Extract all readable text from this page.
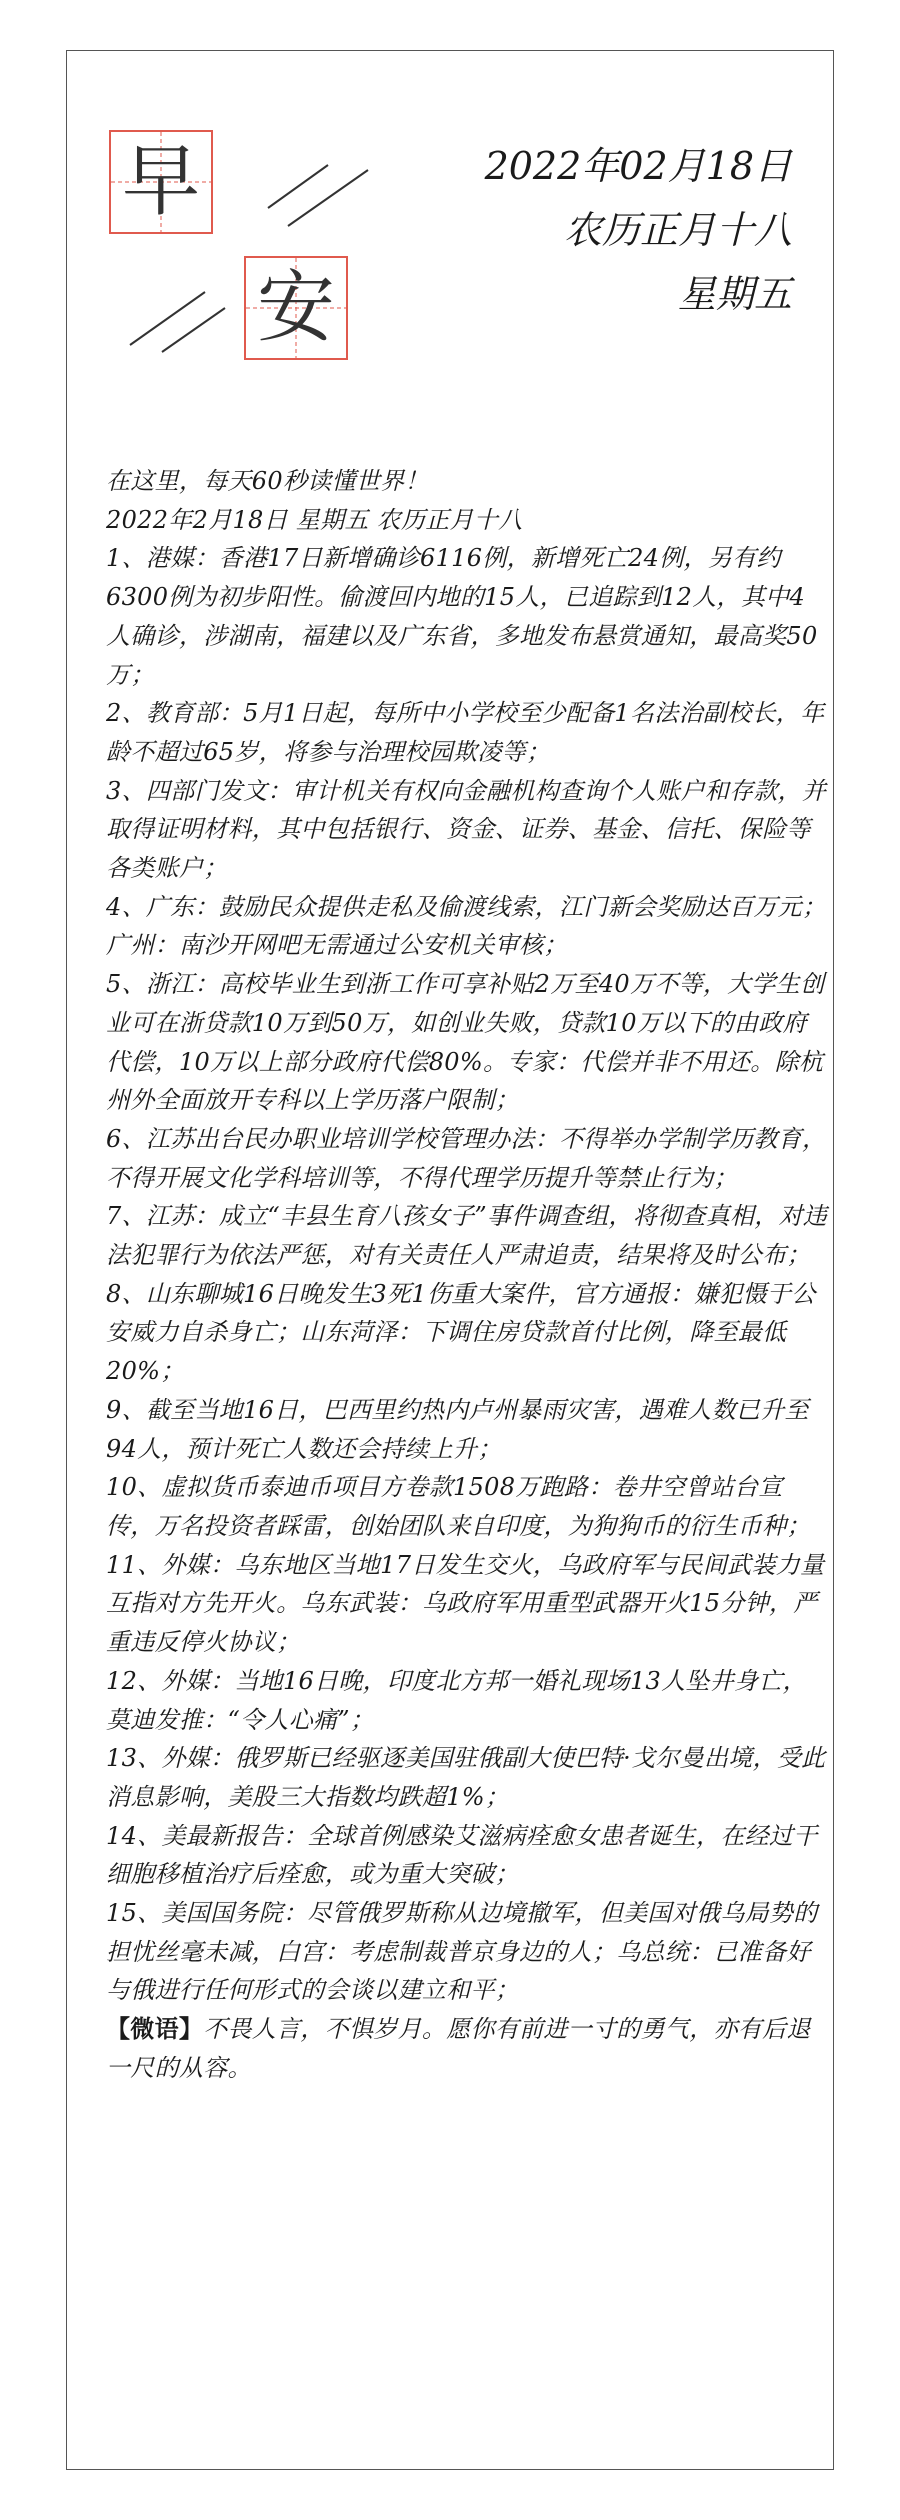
早
安
2022年02月18日
农历正月十八
星期五

在这里，每天60秒读懂世界！

2022年2月18日 星期五 农历正月十八

1、港媒：香港17日新增确诊6116例，新增死亡24例，另有约6300例为初步阳性。偷渡回内地的15人，已追踪到12人，其中4人确诊，涉湖南，福建以及广东省，多地发布悬赏通知，最高奖50万；

2、教育部：5月1日起，每所中小学校至少配备1名法治副校长，年龄不超过65岁，将参与治理校园欺凌等；

3、四部门发文：审计机关有权向金融机构查询个人账户和存款，并取得证明材料，其中包括银行、资金、证券、基金、信托、保险等各类账户；

4、广东：鼓励民众提供走私及偷渡线索，江门新会奖励达百万元；广州：南沙开网吧无需通过公安机关审核；

5、浙江：高校毕业生到浙工作可享补贴2万至40万不等，大学生创业可在浙贷款10万到50万，如创业失败，贷款10万以下的由政府代偿，10万以上部分政府代偿80%。专家：代偿并非不用还。除杭州外全面放开专科以上学历落户限制；

6、江苏出台民办职业培训学校管理办法：不得举办学制学历教育，不得开展文化学科培训等，不得代理学历提升等禁止行为；

7、江苏：成立“丰县生育八孩女子”事件调查组，将彻查真相，对违法犯罪行为依法严惩，对有关责任人严肃追责，结果将及时公布；

8、山东聊城16日晚发生3死1伤重大案件，官方通报：嫌犯慑于公安威力自杀身亡；山东菏泽：下调住房贷款首付比例，降至最低20%；

9、截至当地16日，巴西里约热内卢州暴雨灾害，遇难人数已升至94人，预计死亡人数还会持续上升；

10、虚拟货币泰迪币项目方卷款1508万跑路：卷井空曾站台宣传，万名投资者踩雷，创始团队来自印度，为狗狗币的衍生币种；

11、外媒：乌东地区当地17日发生交火，乌政府军与民间武装力量互指对方先开火。乌东武装：乌政府军用重型武器开火15分钟，严重违反停火协议；

12、外媒：当地16日晚，印度北方邦一婚礼现场13人坠井身亡，莫迪发推：“令人心痛”；

13、外媒：俄罗斯已经驱逐美国驻俄副大使巴特·戈尔曼出境，受此消息影响，美股三大指数均跌超1%；

14、美最新报告：全球首例感染艾滋病痊愈女患者诞生，在经过干细胞移植治疗后痊愈，或为重大突破；

15、美国国务院：尽管俄罗斯称从边境撤军，但美国对俄乌局势的担忧丝毫未减，白宫：考虑制裁普京身边的人；乌总统：已准备好与俄进行任何形式的会谈以建立和平；

【微语】不畏人言，不惧岁月。愿你有前进一寸的勇气，亦有后退一尺的从容。
